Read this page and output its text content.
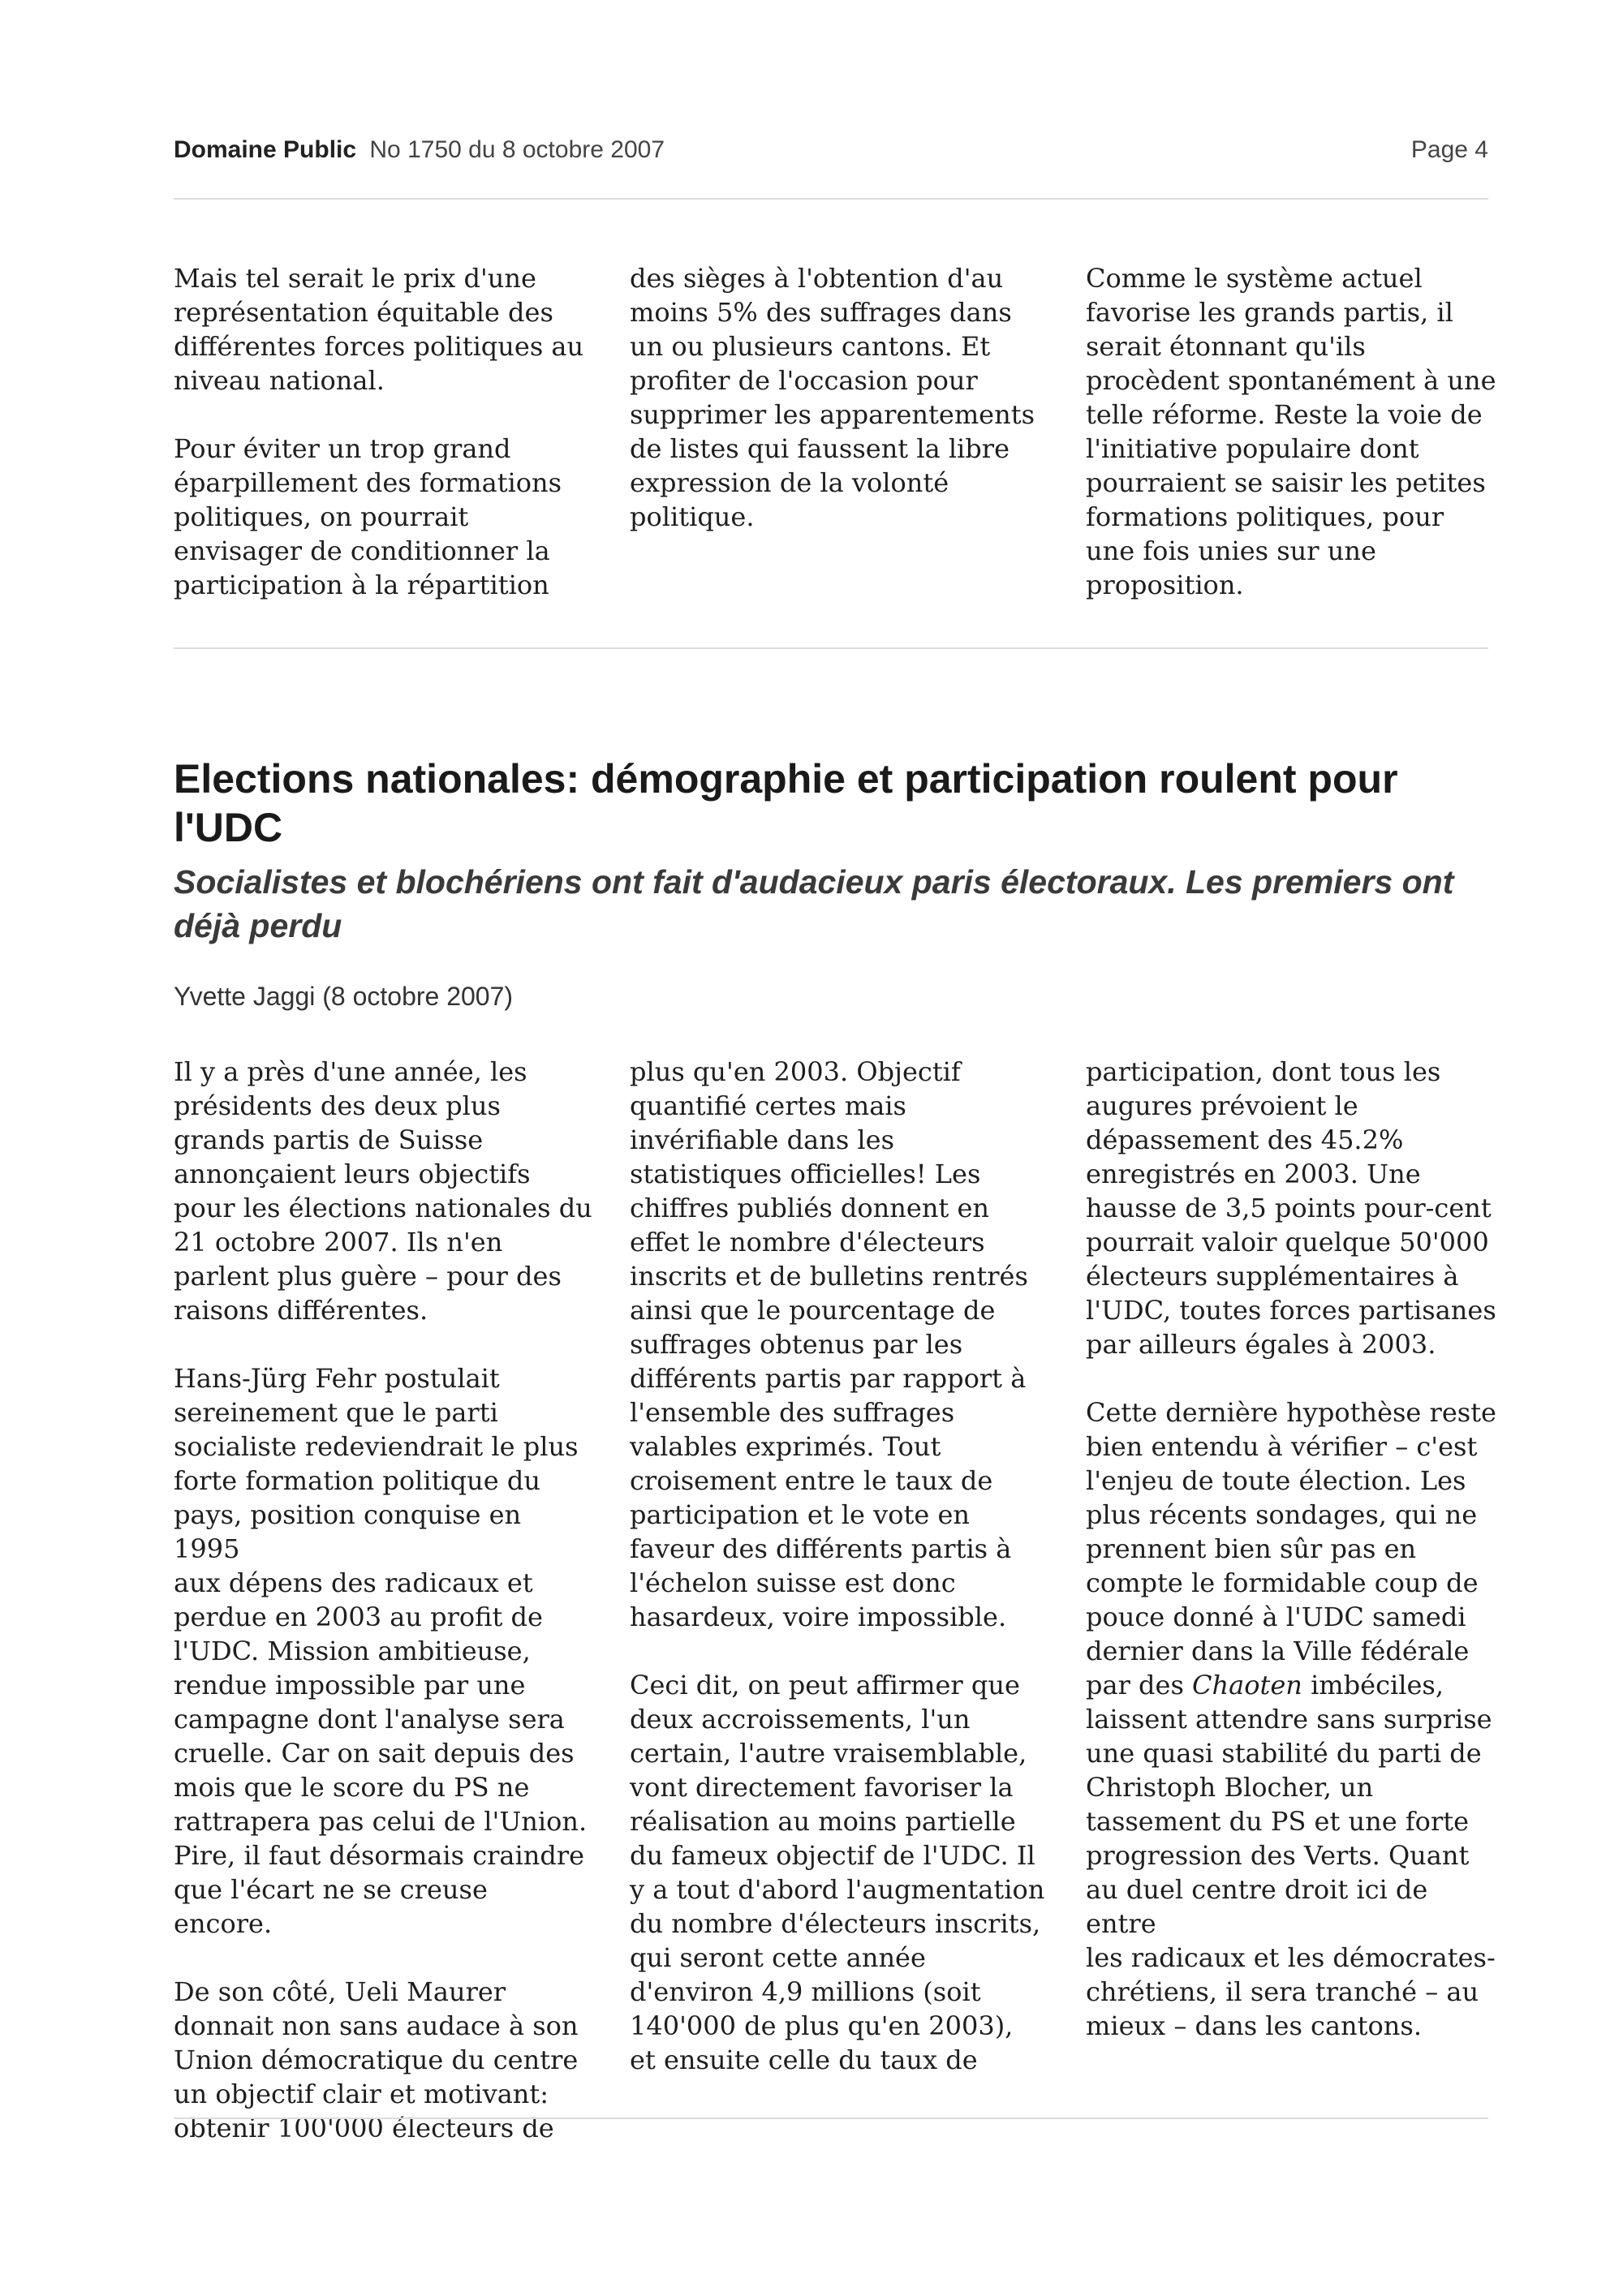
Domaine Public No 1750 du 8 octobre 2007	Page 4

Mais tel serait le prix d'une
représentation équitable des
différentes forces politiques au
niveau national.

Pour éviter un trop grand
éparpillement des formations
politiques, on pourrait
envisager de conditionner la
participation à la répartition

des sièges à l'obtention d'au
moins 5% des suffrages dans
un ou plusieurs cantons. Et
profiter de l'occasion pour
supprimer les apparentements
de listes qui faussent la libre
expression de la volonté
politique.

Comme le système actuel
favorise les grands partis, il
serait étonnant qu'ils
procèdent spontanément à une
telle réforme. Reste la voie de
l'initiative populaire dont
pourraient se saisir les petites
formations politiques, pour
une fois unies sur une
proposition.

Elections nationales: démographie et participation roulent pour l'UDC
Socialistes et blochériens ont fait d'audacieux paris électoraux. Les premiers ont déjà perdu
Yvette Jaggi (8 octobre 2007)

Il y a près d'une année, les
présidents des deux plus
grands partis de Suisse
annonçaient leurs objectifs
pour les élections nationales du
21 octobre 2007. Ils n'en
parlent plus guère – pour des
raisons différentes.

Hans-Jürg Fehr postulait
sereinement que le parti
socialiste redeviendrait le plus
forte formation politique du
pays, position conquise en 1995
aux dépens des radicaux et
perdue en 2003 au profit de
l'UDC. Mission ambitieuse,
rendue impossible par une
campagne dont l'analyse sera
cruelle. Car on sait depuis des
mois que le score du PS ne
rattrapera pas celui de l'Union.
Pire, il faut désormais craindre
que l'écart ne se creuse encore.

De son côté, Ueli Maurer
donnait non sans audace à son
Union démocratique du centre
un objectif clair et motivant:
obtenir 100'000 électeurs de

plus qu'en 2003. Objectif
quantifié certes mais
invérifiable dans les
statistiques officielles! Les
chiffres publiés donnent en
effet le nombre d'électeurs
inscrits et de bulletins rentrés
ainsi que le pourcentage de
suffrages obtenus par les
différents partis par rapport à
l'ensemble des suffrages
valables exprimés. Tout
croisement entre le taux de
participation et le vote en
faveur des différents partis à
l'échelon suisse est donc
hasardeux, voire impossible.

Ceci dit, on peut affirmer que
deux accroissements, l'un
certain, l'autre vraisemblable,
vont directement favoriser la
réalisation au moins partielle
du fameux objectif de l'UDC. Il
y a tout d'abord l'augmentation
du nombre d'électeurs inscrits,
qui seront cette année
d'environ 4,9 millions (soit
140'000 de plus qu'en 2003),
et ensuite celle du taux de

participation, dont tous les
augures prévoient le
dépassement des 45.2%
enregistrés en 2003. Une
hausse de 3,5 points pour-cent
pourrait valoir quelque 50'000
électeurs supplémentaires à
l'UDC, toutes forces partisanes
par ailleurs égales à 2003.

Cette dernière hypothèse reste
bien entendu à vérifier – c'est
l'enjeu de toute élection. Les
plus récents sondages, qui ne
prennent bien sûr pas en
compte le formidable coup de
pouce donné à l'UDC samedi
dernier dans la Ville fédérale
par des Chaoten imbéciles,
laissent attendre sans surprise
une quasi stabilité du parti de
Christoph Blocher, un
tassement du PS et une forte
progression des Verts. Quant
au duel centre droit ici de entre
les radicaux et les démocrates-
chrétiens, il sera tranché – au
mieux – dans les cantons.
